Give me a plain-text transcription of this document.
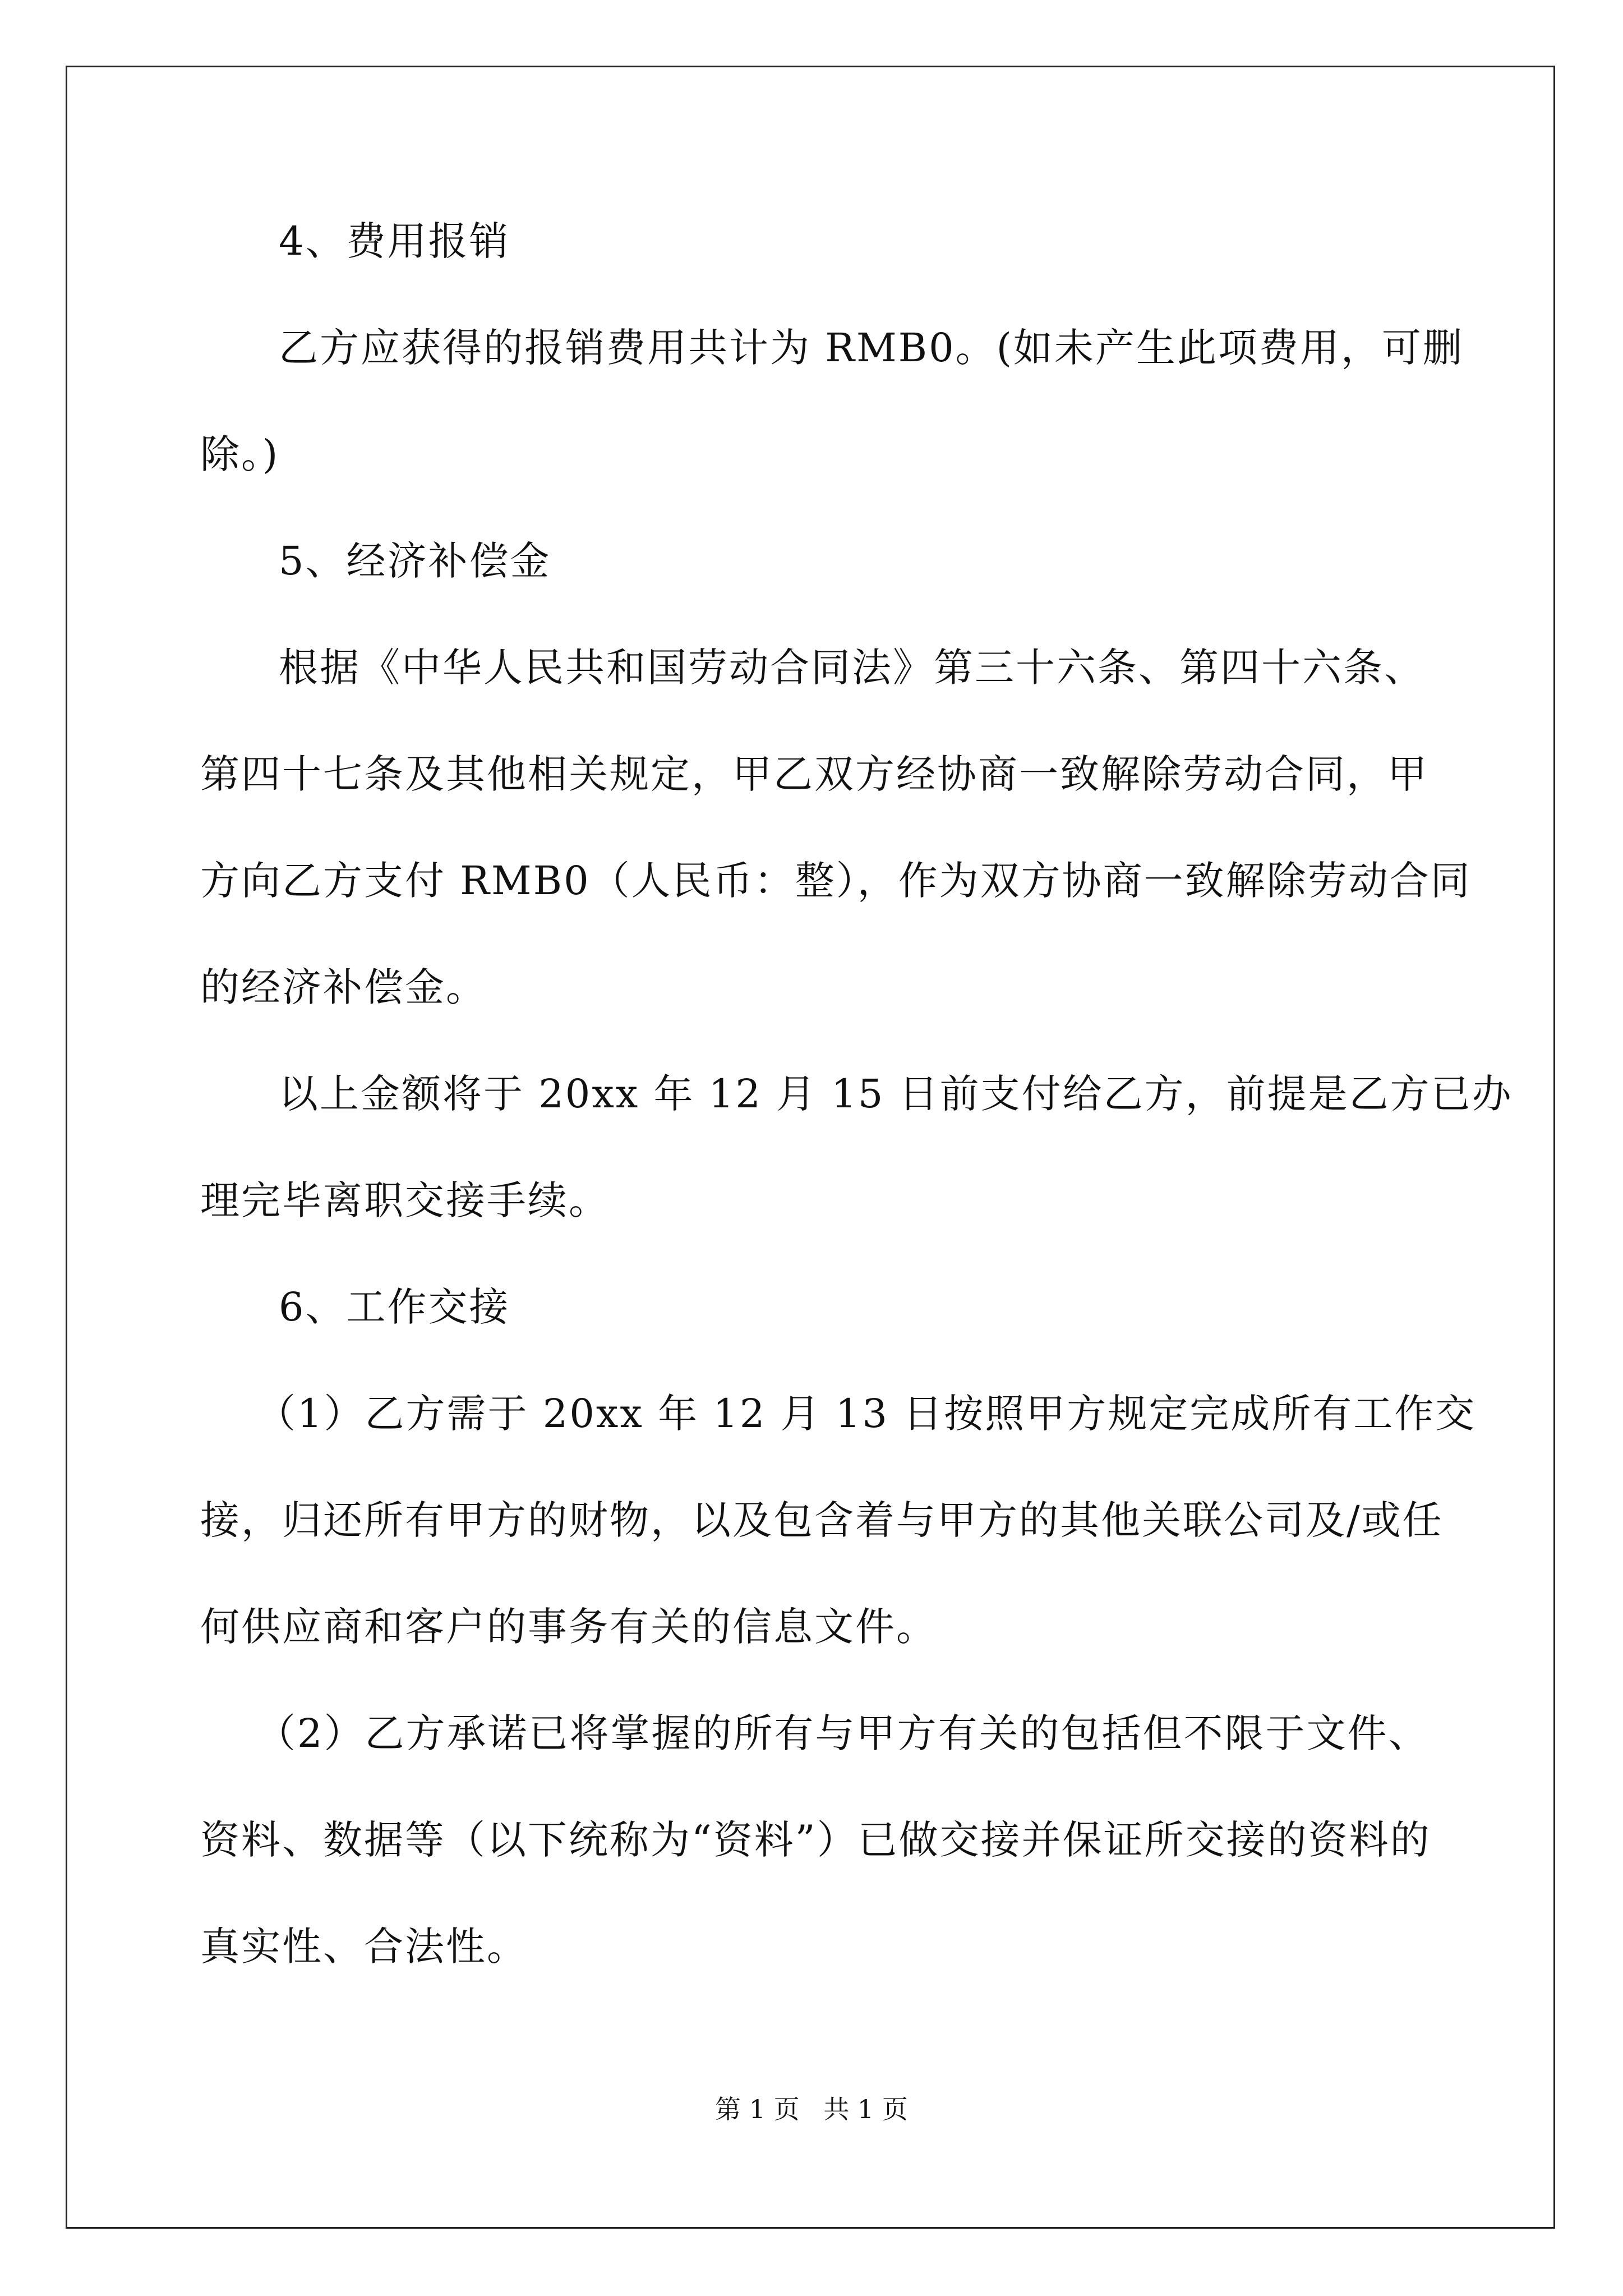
4、费用报销
乙方应获得的报销费用共计为 RMB0。(如未产生此项费用，可删
除。)
5、经济补偿金
根据《中华人民共和国劳动合同法》第三十六条、第四十六条、
第四十七条及其他相关规定，甲乙双方经协商一致解除劳动合同，甲
方向乙方支付 RMB0（人民币：整），作为双方协商一致解除劳动合同
的经济补偿金。
以上金额将于 20xx 年 12 月 15 日前支付给乙方，前提是乙方已办
理完毕离职交接手续。
6、工作交接
（1）乙方需于 20xx 年 12 月 13 日按照甲方规定完成所有工作交
接，归还所有甲方的财物，以及包含着与甲方的其他关联公司及/或任
何供应商和客户的事务有关的信息文件。
（2）乙方承诺已将掌握的所有与甲方有关的包括但不限于文件、
资料、数据等（以下统称为“资料”）已做交接并保证所交接的资料的
真实性、合法性。
第 1 页 共 1 页
